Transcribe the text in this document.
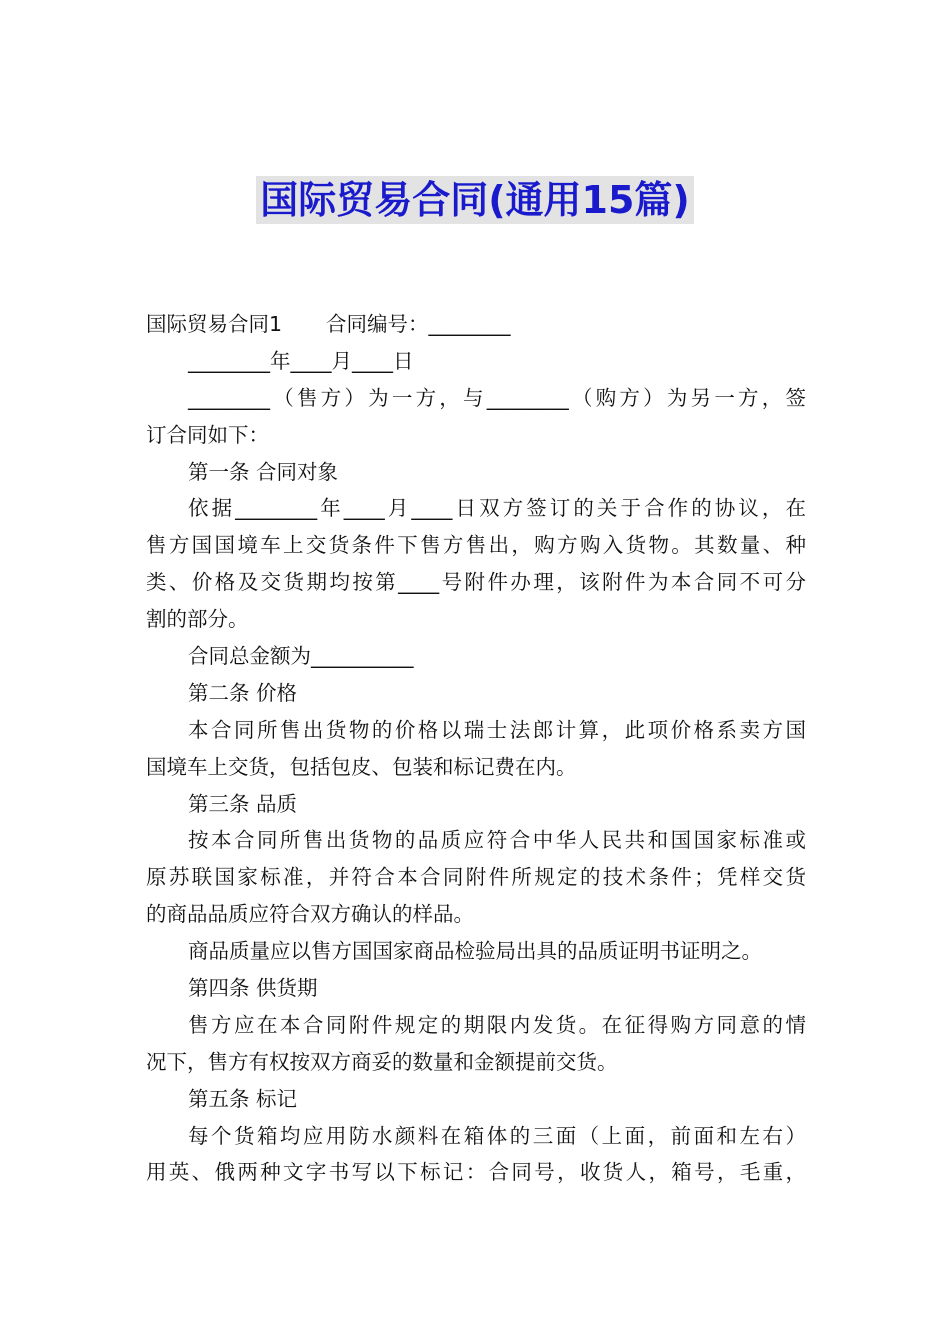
国际贸易合同(通用15篇)
国际贸易合同1 合同编号：________
________年____月____日
________（售方）为一方，与________（购方）为另一方，签
订合同如下：
第一条 合同对象
依据________年____月____日双方签订的关于合作的协议，在
售方国国境车上交货条件下售方售出，购方购入货物。其数量、种
类、价格及交货期均按第____号附件办理，该附件为本合同不可分
割的部分。
合同总金额为__________
第二条 价格
本合同所售出货物的价格以瑞士法郎计算，此项价格系卖方国
国境车上交货，包括包皮、包装和标记费在内。
第三条 品质
按本合同所售出货物的品质应符合中华人民共和国国家标准或
原苏联国家标准，并符合本合同附件所规定的技术条件；凭样交货
的商品品质应符合双方确认的样品。
商品质量应以售方国国家商品检验局出具的品质证明书证明之。
第四条 供货期
售方应在本合同附件规定的期限内发货。在征得购方同意的情
况下，售方有权按双方商妥的数量和金额提前交货。
第五条 标记
每个货箱均应用防水颜料在箱体的三面（上面，前面和左右）
用英、俄两种文字书写以下标记：合同号，收货人，箱号，毛重，
